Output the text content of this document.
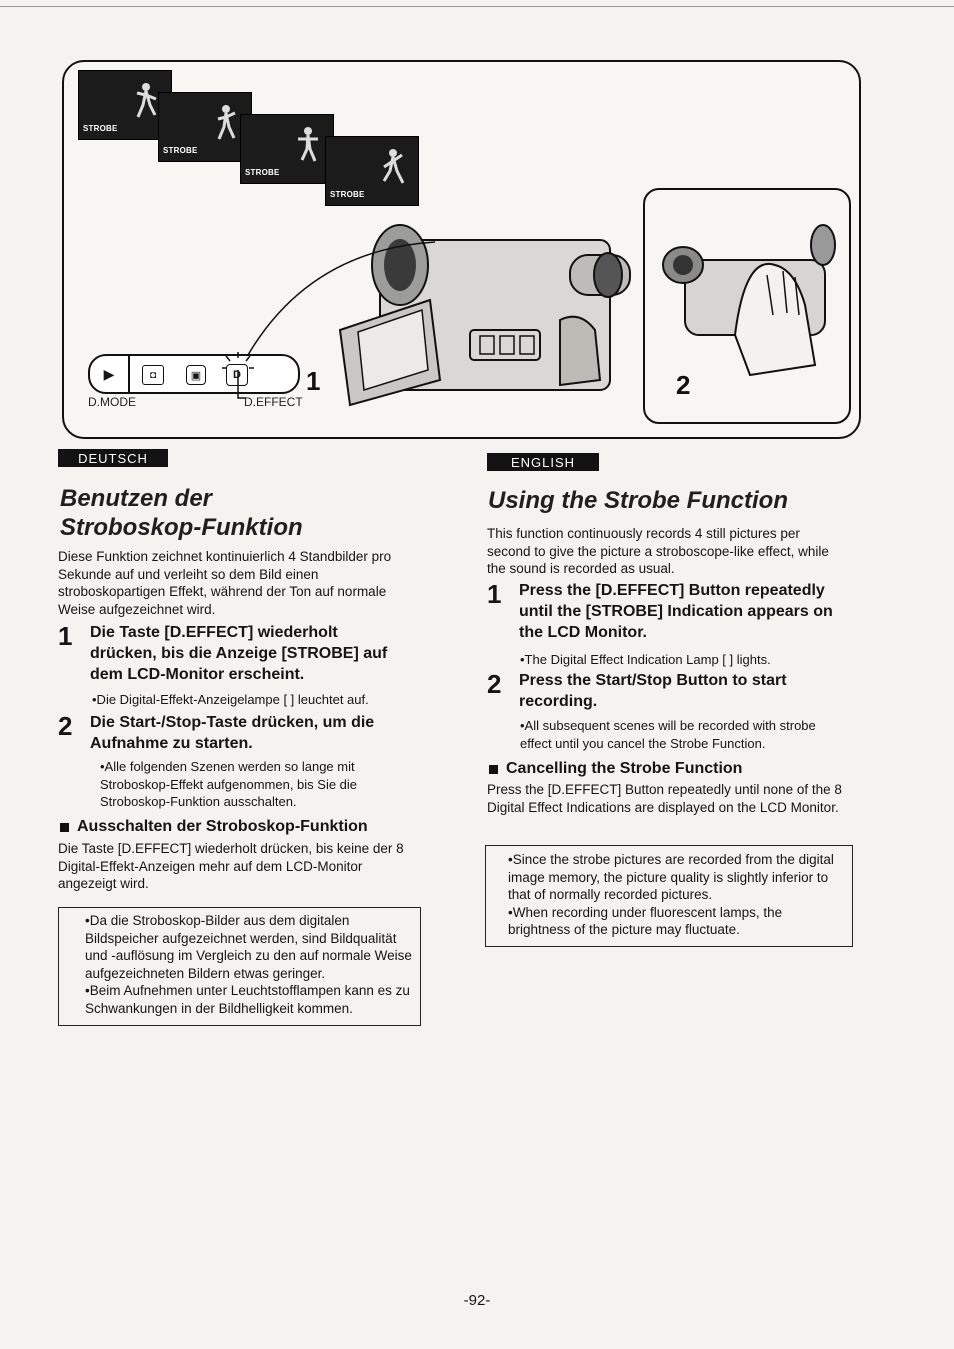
STROBE
STROBE
STROBE
STROBE
▶	◘	▣	D
D.MODE	D.EFFECT
1	2
DEUTSCH
Benutzen der
Stroboskop-Funktion
Diese Funktion zeichnet kontinuierlich 4 Standbilder pro Sekunde auf und verleiht so dem Bild einen stroboskopartigen Effekt, während der Ton auf normale Weise aufgezeichnet wird.
1	Die Taste [D.EFFECT] wiederholt drücken, bis die Anzeige [STROBE] auf dem LCD-Monitor erscheint.
•Die Digital-Effekt-Anzeigelampe [ ] leuchtet auf.
2	Die Start-/Stop-Taste drücken, um die Aufnahme zu starten.
•Alle folgenden Szenen werden so lange mit Stroboskop-Effekt aufgenommen, bis Sie die Stroboskop-Funktion ausschalten.
Ausschalten der Stroboskop-Funktion
Die Taste [D.EFFECT] wiederholt drücken, bis keine der 8 Digital-Effekt-Anzeigen mehr auf dem LCD-Monitor angezeigt wird.
•Da die Stroboskop-Bilder aus dem digitalen Bildspeicher aufgezeichnet werden, sind Bildqualität und -auflösung im Vergleich zu den auf normale Weise aufgezeichneten Bildern etwas geringer.
•Beim Aufnehmen unter Leuchtstofflampen kann es zu Schwankungen in der Bildhelligkeit kommen.
ENGLISH
Using the Strobe Function
This function continuously records 4 still pictures per second to give the picture a stroboscope-like effect, while the sound is recorded as usual.
1	Press the [D.EFFECT] Button repeatedly until the [STROBE] Indication appears on the LCD Monitor.
•The Digital Effect Indication Lamp [ ] lights.
2	Press the Start/Stop Button to start recording.
•All subsequent scenes will be recorded with strobe effect until you cancel the Strobe Function.
Cancelling the Strobe Function
Press the [D.EFFECT] Button repeatedly until none of the 8 Digital Effect Indications are displayed on the LCD Monitor.
•Since the strobe pictures are recorded from the digital image memory, the picture quality is slightly inferior to that of normally recorded pictures.
•When recording under fluorescent lamps, the brightness of the picture may fluctuate.
-92-
